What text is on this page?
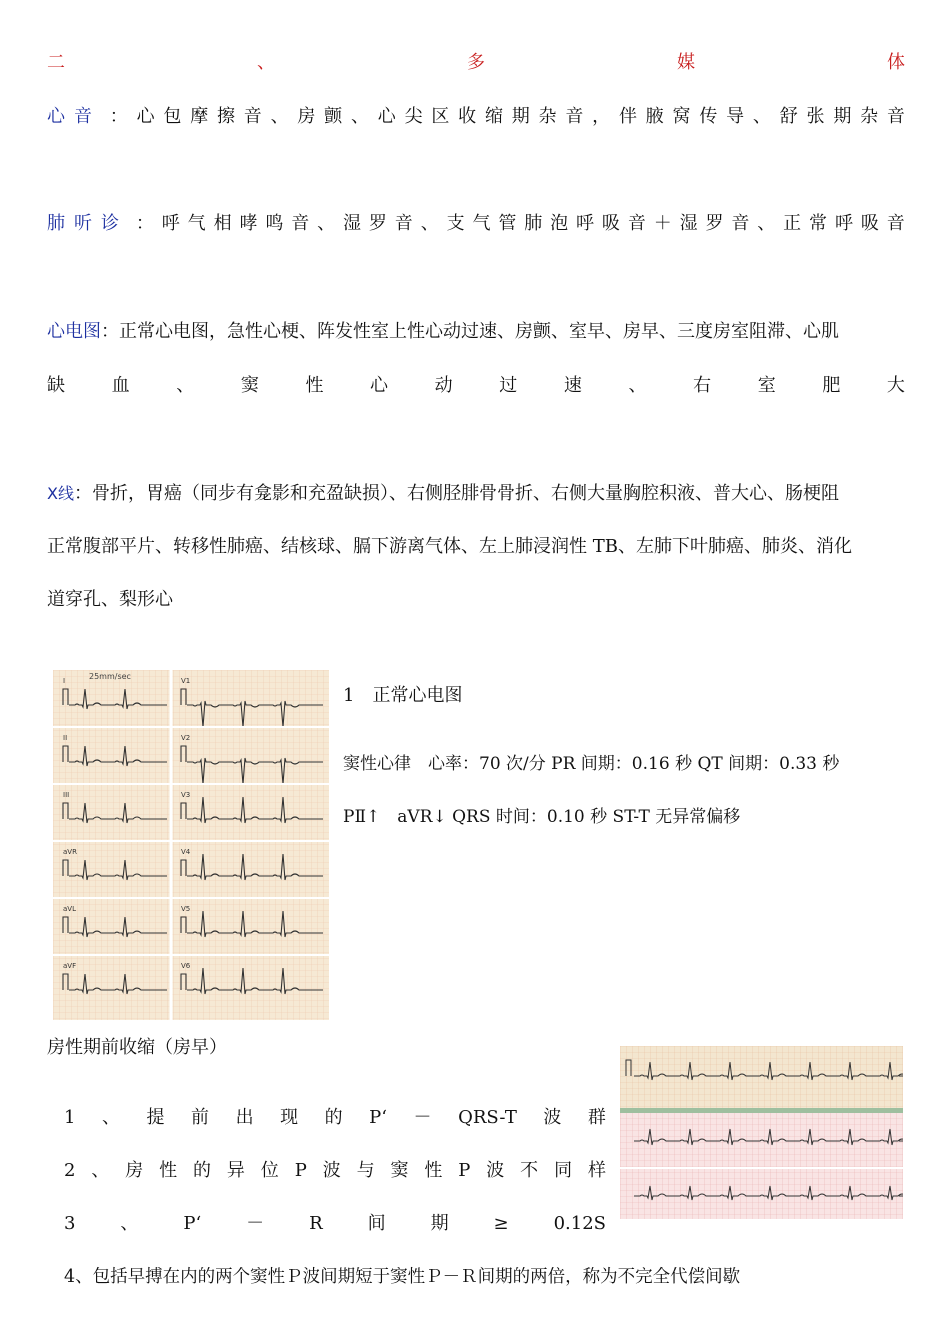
二	、	多	媒	体
心音 ： 心 包 摩 擦 音 、 房 颤 、 心 尖 区 收 缩 期 杂 音 ， 伴 腋 窝 传 导 、 舒 张 期 杂 音
肺听诊 ： 呼 气 相 哮 鸣 音 、 湿 罗 音 、 支 气 管 肺 泡 呼 吸 音 ＋ 湿 罗 音 、 正 常 呼 吸 音
心电图：正常心电图，急性心梗、阵发性室上性心动过速、房颤、室早、房早、三度房室阻滞、心肌
缺	血	、	窦	性	心	动	过	速	、	右	室	肥	大
X线：骨折，胃癌（同步有龛影和充盈缺损）、右侧胫腓骨骨折、右侧大量胸腔积液、普大心、肠梗阻
正常腹部平片、转移性肺癌、结核球、膈下游离气体、左上肺浸润性 TB、左肺下叶肺癌、肺炎、消化
道穿孔、梨形心
25mm/sec
I	V1
II	V2
III	V3
aVR	V4
aVL	V5
aVF	V6
1　正常心电图
窦性心律　心率：70 次/分 PR 间期：0.16 秒 QT 间期：0.33 秒
PⅡ↑　aVR↓ QRS 时间：0.10 秒 ST-T 无异常偏移
房性期前收缩（房早）
1 、 提 前 出 现 的 P‘ － QRS-T 波 群
2 、 房 性 的 异 位 P 波 与 窦 性 P 波 不 同 样
3 、 P‘ － R 间 期 ≥ 0.12S
4、包括早搏在内的两个窦性Ｐ波间期短于窦性Ｐ－Ｒ间期的两倍，称为不完全代偿间歇
